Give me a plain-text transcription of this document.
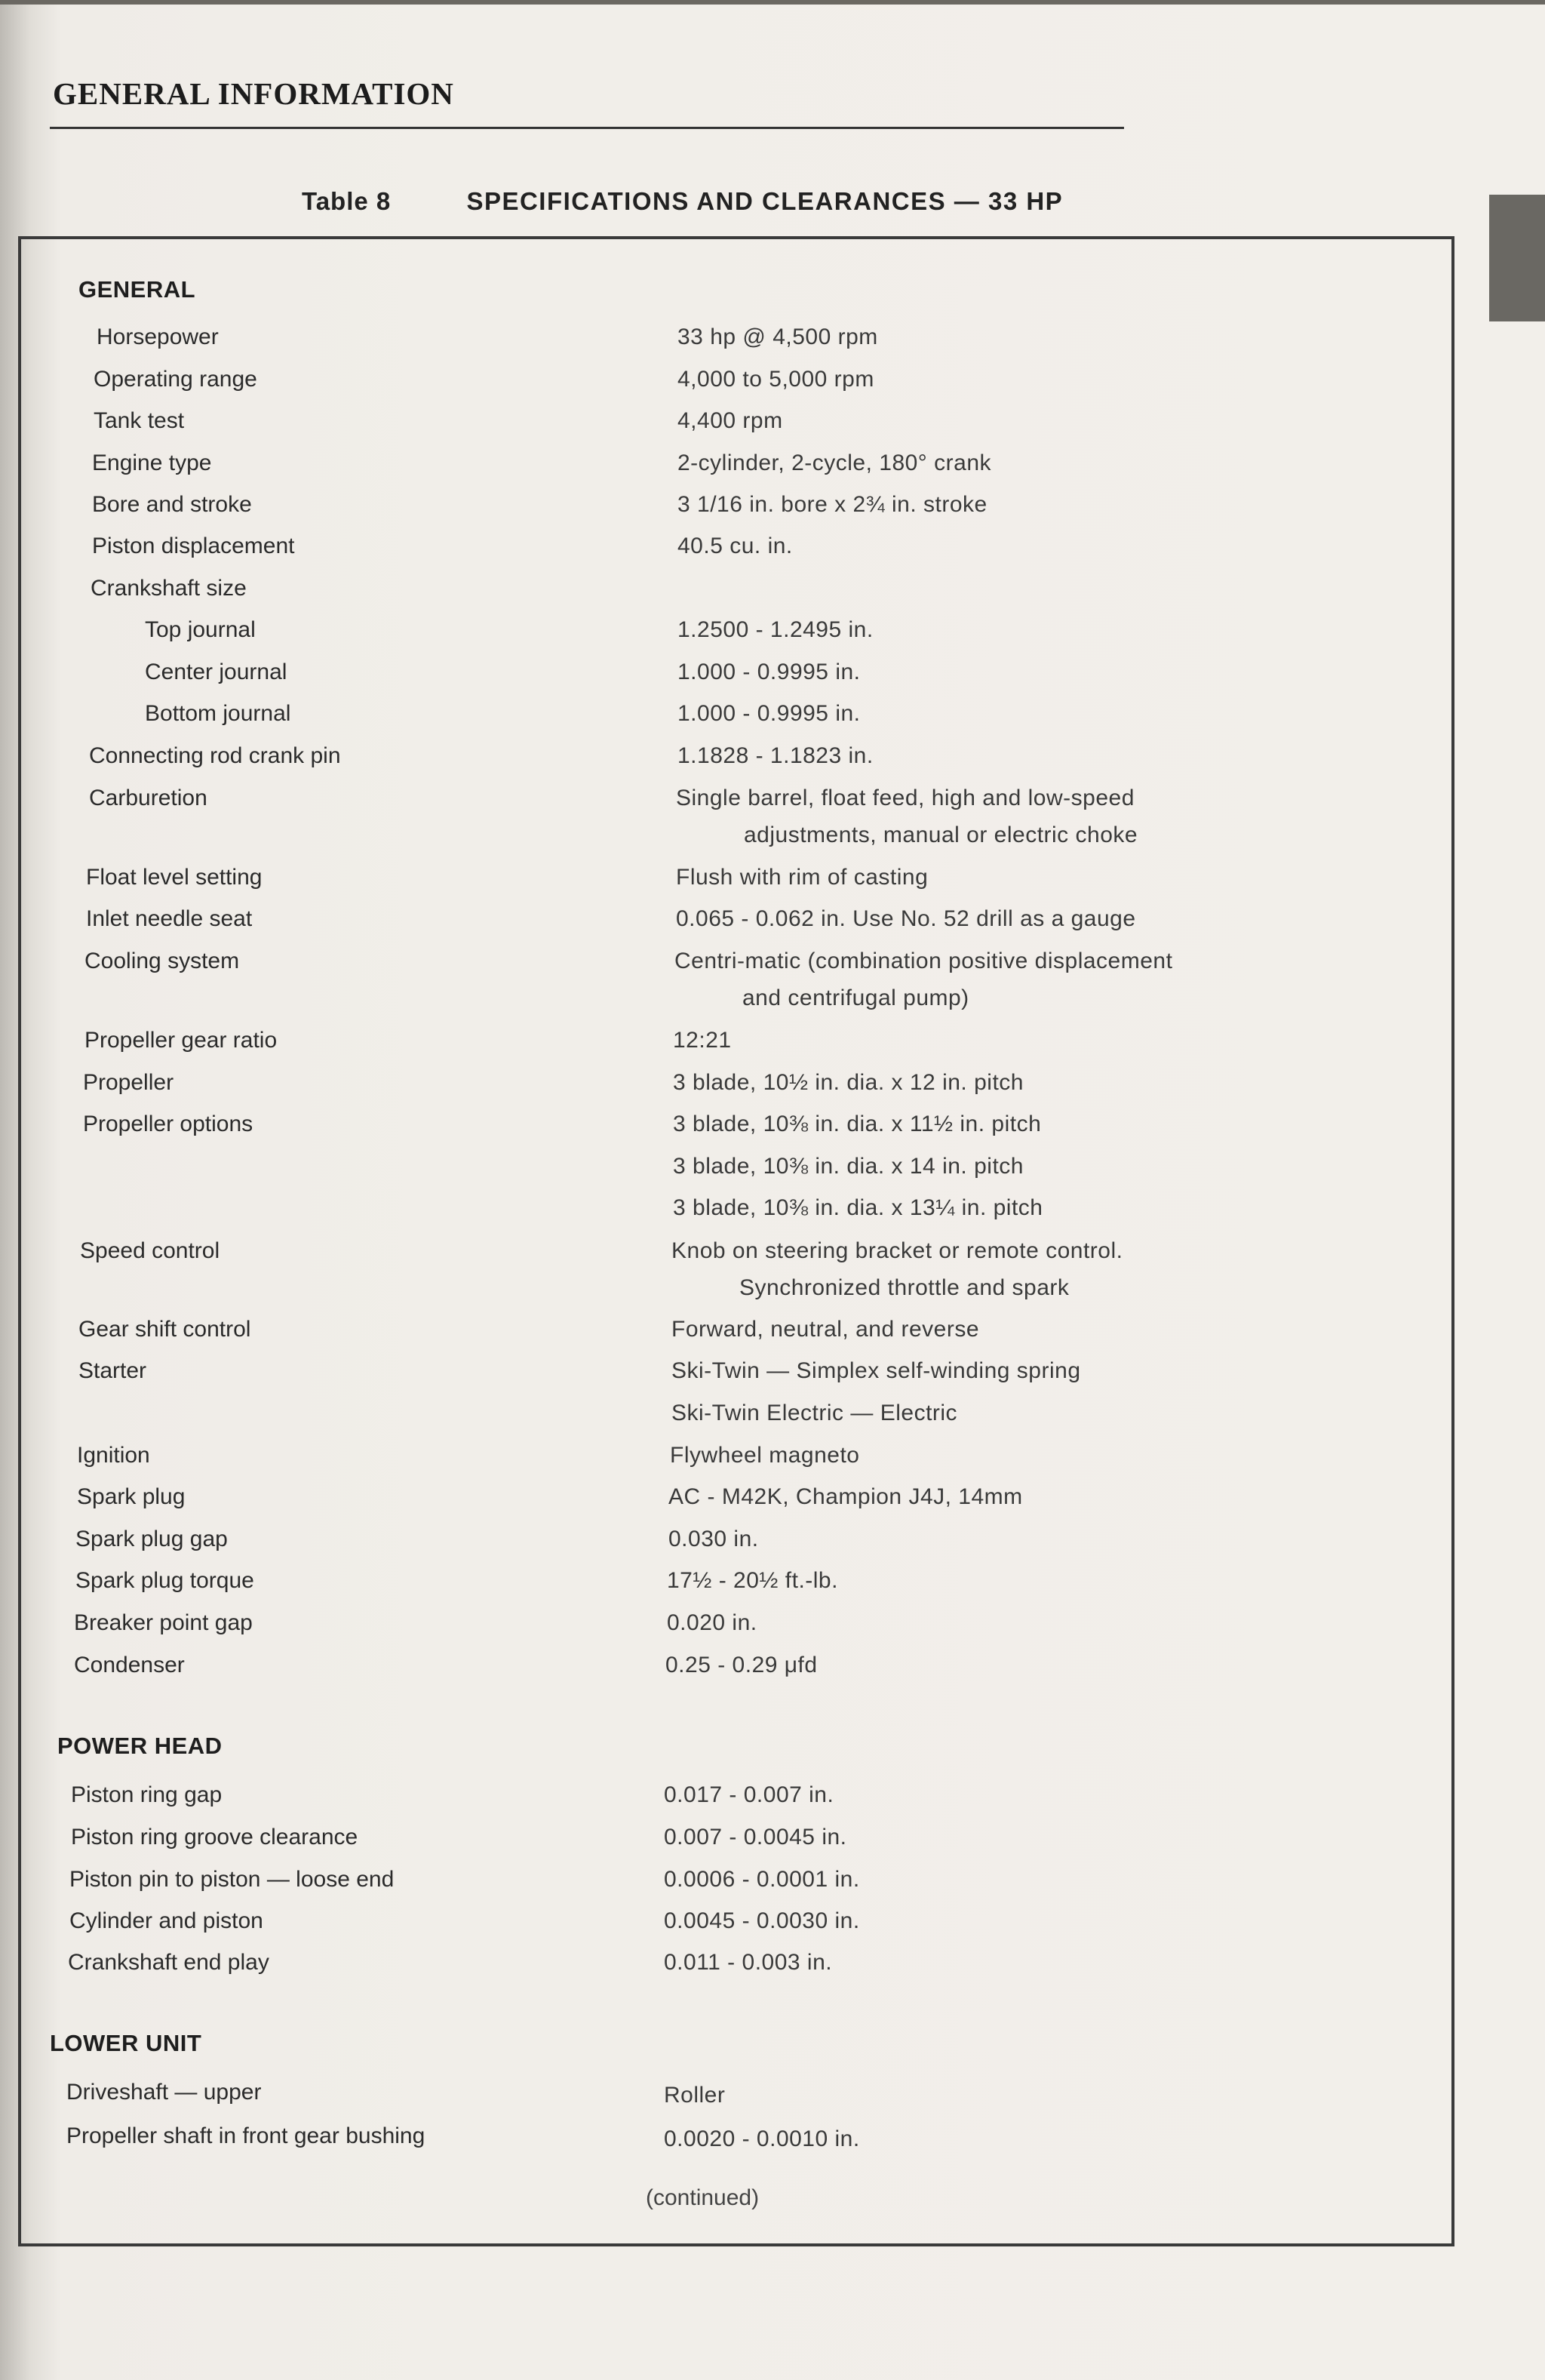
GENERAL INFORMATION
Table 8	SPECIFICATIONS AND CLEARANCES — 33 HP
GENERAL
Horsepower	33 hp @ 4,500 rpm
Operating range	4,000 to 5,000 rpm
Tank test	4,400 rpm
Engine type	2-cylinder, 2-cycle, 180° crank
Bore and stroke	3 1/16 in. bore x 2¾ in. stroke
Piston displacement	40.5 cu. in.
Crankshaft size
Top journal	1.2500 - 1.2495 in.
Center journal	1.000 - 0.9995 in.
Bottom journal	1.000 - 0.9995 in.
Connecting rod crank pin	1.1828 - 1.1823 in.
Carburetion	Single barrel, float feed, high and low-speed
adjustments, manual or electric choke
Float level setting	Flush with rim of casting
Inlet needle seat	0.065 - 0.062 in. Use No. 52 drill as a gauge
Cooling system	Centri-matic (combination positive displacement
and centrifugal pump)
Propeller gear ratio	12:21
Propeller	3 blade, 10½ in. dia. x 12 in. pitch
Propeller options	3 blade, 10⅜ in. dia. x 11½ in. pitch
3 blade, 10⅜ in. dia. x 14 in. pitch
3 blade, 10⅜ in. dia. x 13¼ in. pitch
Speed control	Knob on steering bracket or remote control.
Synchronized throttle and spark
Gear shift control	Forward, neutral, and reverse
Starter	Ski-Twin — Simplex self-winding spring
Ski-Twin Electric — Electric
Ignition	Flywheel magneto
Spark plug	AC - M42K, Champion J4J, 14mm
Spark plug gap	0.030 in.
Spark plug torque	17½ - 20½ ft.-lb.
Breaker point gap	0.020 in.
Condenser	0.25 - 0.29 μfd
POWER HEAD
Piston ring gap	0.017 - 0.007 in.
Piston ring groove clearance	0.007 - 0.0045 in.
Piston pin to piston — loose end	0.0006 - 0.0001 in.
Cylinder and piston	0.0045 - 0.0030 in.
Crankshaft end play	0.011 - 0.003 in.
LOWER UNIT
Driveshaft — upper	Roller
Propeller shaft in front gear bushing	0.0020 - 0.0010 in.
(continued)
